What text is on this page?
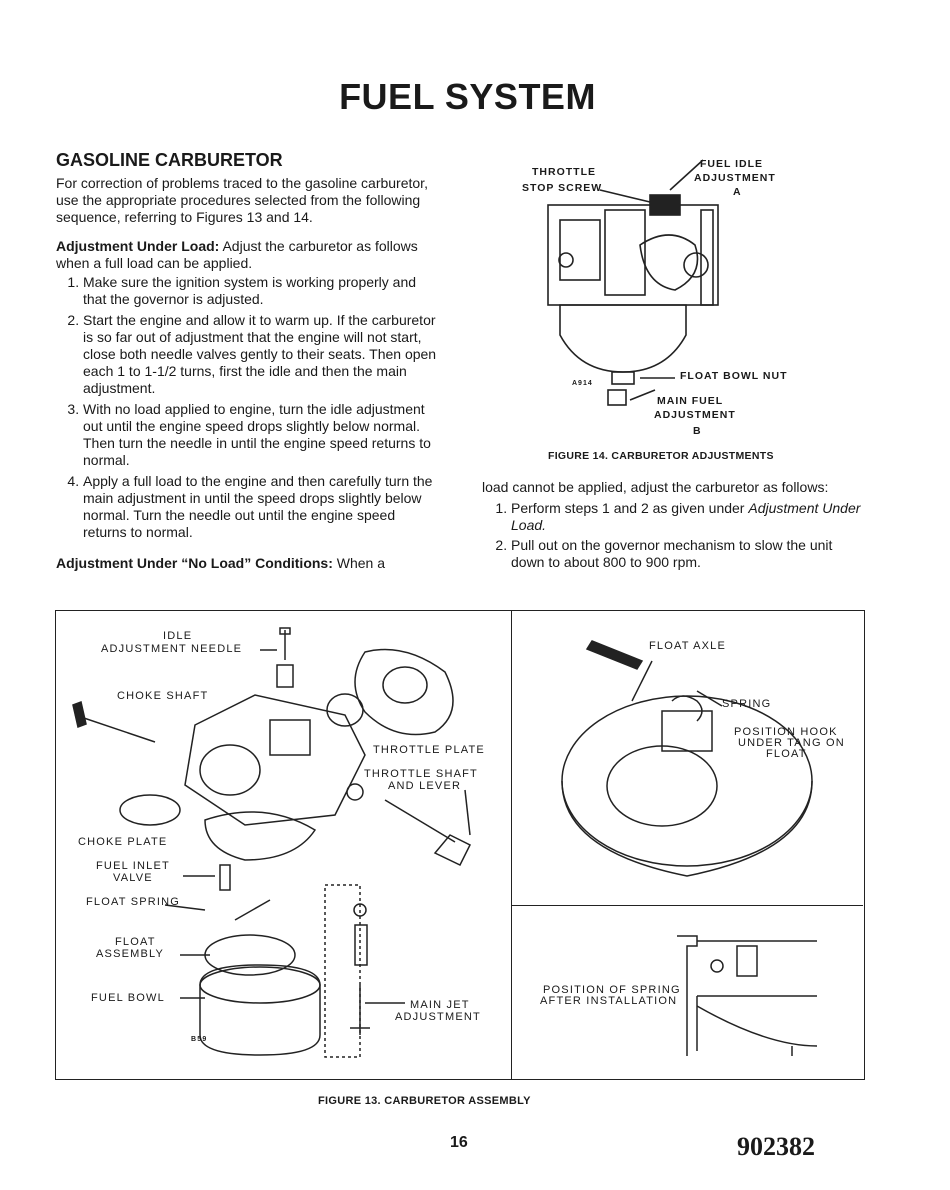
FUEL SYSTEM
GASOLINE CARBURETOR

For correction of problems traced to the gasoline carburetor, use the appropriate procedures selected from the following sequence, referring to Figures 13 and 14.

Adjustment Under Load: Adjust the carburetor as follows when a full load can be applied.

1. Make sure the ignition system is working properly and that the governor is adjusted.
2. Start the engine and allow it to warm up. If the carburetor is so far out of adjustment that the engine will not start, close both needle valves gently to their seats. Then open each 1 to 1-1/2 turns, first the idle and then the main adjustment.
3. With no load applied to engine, turn the idle adjustment out until the engine speed drops slightly below normal. Then turn the needle in until the engine speed returns to normal.
4. Apply a full load to the engine and then carefully turn the main adjustment in until the speed drops slightly below normal. Turn the needle out until the engine speed returns to normal.

Adjustment Under “No Load” Conditions: When a

load cannot be applied, adjust the carburetor as follows:

1. Perform steps 1 and 2 as given under Adjustment Under Load.
2. Pull out on the governor mechanism to slow the unit down to about 800 to 900 rpm.
THROTTLE
STOP SCREW
FUEL IDLE
ADJUSTMENT
A
FLOAT BOWL NUT
A914
MAIN FUEL
ADJUSTMENT
B
FIGURE 14. CARBURETOR ADJUSTMENTS
IDLE
ADJUSTMENT NEEDLE
CHOKE SHAFT
THROTTLE PLATE
THROTTLE SHAFT
AND LEVER
CHOKE PLATE
FUEL INLET
VALVE
FLOAT SPRING
FLOAT
ASSEMBLY
FUEL BOWL
B59
MAIN JET
ADJUSTMENT
FLOAT AXLE
SPRING
POSITION HOOK
UNDER TANG ON
FLOAT
POSITION OF SPRING
AFTER INSTALLATION
FIGURE 13. CARBURETOR ASSEMBLY
16	902382
